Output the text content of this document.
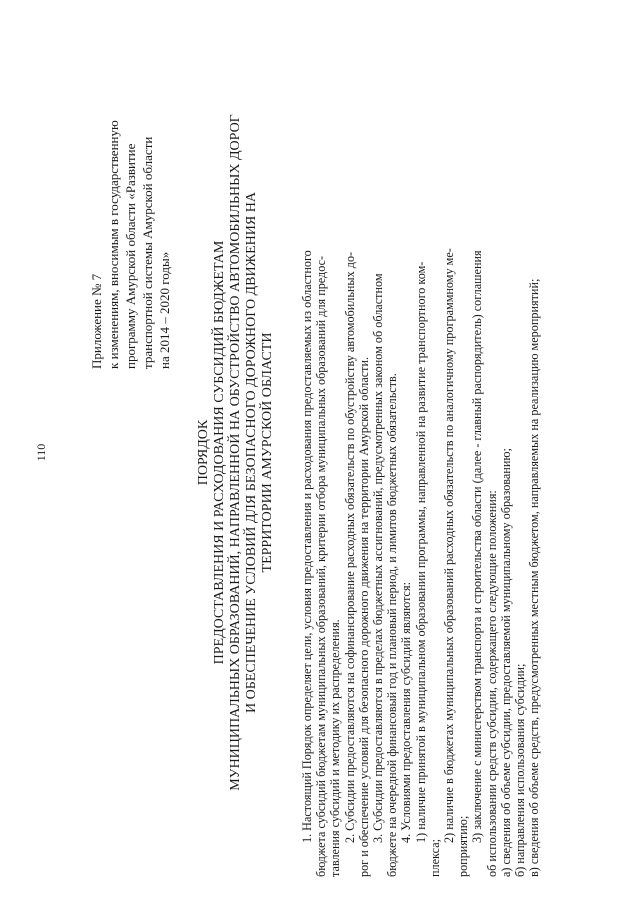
110
Приложение № 7 к изменениям, вносимым в государственную программу Амурской области «Развитие транспортной системы Амурской области на 2014 – 2020 годы»
ПОРЯДОК ПРЕДОСТАВЛЕНИЯ И РАСХОДОВАНИЯ СУБСИДИЙ БЮДЖЕТАМ МУНИЦИПАЛЬНЫХ ОБРАЗОВАНИЙ, НАПРАВЛЕННОЙ НА ОБУСТРОЙСТВО АВТОМОБИЛЬНЫХ ДОРОГ И ОБЕСПЕЧЕНИЕ УСЛОВИЙ ДЛЯ БЕЗОПАСНОГО ДОРОЖНОГО ДВИЖЕНИЯ НА ТЕРРИТОРИИ АМУРСКОЙ ОБЛАСТИ 1. Настоящий Порядок определяет цели, условия предоставления и расходования предоставляемых из областного бюджета субсидий бюджетам муниципальных образований, критерии отбора муниципальных образований для предос- тавления субсидий и методику их распределения. 2. Субсидии предоставляются на софинансирование расходных обязательств по обустройству автомобильных до- рог и обеспечение условий для безопасного дорожного движения на территории Амурской области. 3. Субсидии предоставляются в пределах бюджетных ассигнований, предусмотренных законом об областном бюджете на очередной финансовый год и плановый период, и лимитов бюджетных обязательств. 4. Условиями предоставления субсидий являются: 1) наличие принятой в муниципальном образовании программы, направленной на развитие транспортного ком-
плекса;
2) наличие в бюджетах муниципальных образований расходных обязательств по аналогичному программному ме-
роприятию;
3) заключение с министерством транспорта и строительства области (далее - главный распорядитель) соглашения об использовании средств субсидии, содержащего следующие положения: а) сведения об объеме субсидии, предоставляемой муниципальному образованию; б) направления использования субсидии; в) сведения об объеме средств, предусмотренных местным бюджетом, направляемых на реализацию мероприятий;
